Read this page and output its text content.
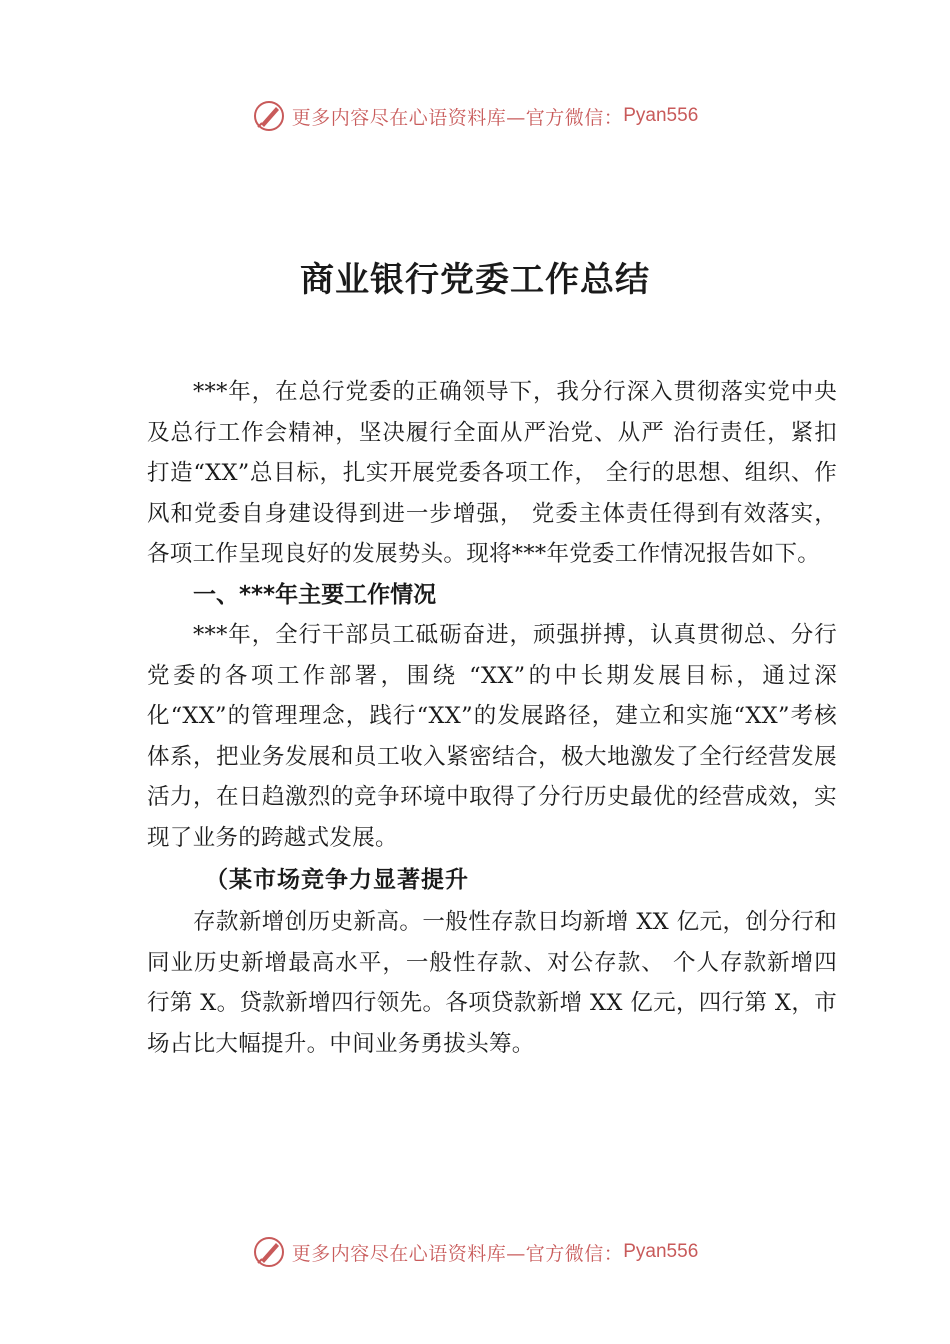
更多内容尽在心语资料库—官方微信： Pyan556
商业银行党委工作总结

***年，在总行党委的正确领导下，我分行深入贯彻落实党中央及总行工作会精神，坚决履行全面从严治党、从严 治行责任，紧扣打造“XX”总目标，扎实开展党委各项工作， 全行的思想、组织、作风和党委自身建设得到进一步增强， 党委主体责任得到有效落实，各项工作呈现良好的发展势头。现将***年党委工作情况报告如下。

一、***年主要工作情况

***年，全行干部员工砥砺奋进，顽强拼搏，认真贯彻总、分行党委的各项工作部署，围绕 “XX”的中长期发展目标，通过深化“XX”的管理理念，践行“XX”的发展路径，建立和实施“XX”考核体系，把业务发展和员工收入紧密结合，极大地激发了全行经营发展活力，在日趋激烈的竞争环境中取得了分行历史最优的经营成效，实现了业务的跨越式发展。

（某市场竞争力显著提升

存款新增创历史新高。一般性存款日均新增 XX 亿元，创分行和同业历史新增最高水平，一般性存款、对公存款、 个人存款新增四行第 X。贷款新增四行领先。各项贷款新增 XX 亿元，四行第 X，市场占比大幅提升。中间业务勇拔头筹。

更多内容尽在心语资料库—官方微信： Pyan556
